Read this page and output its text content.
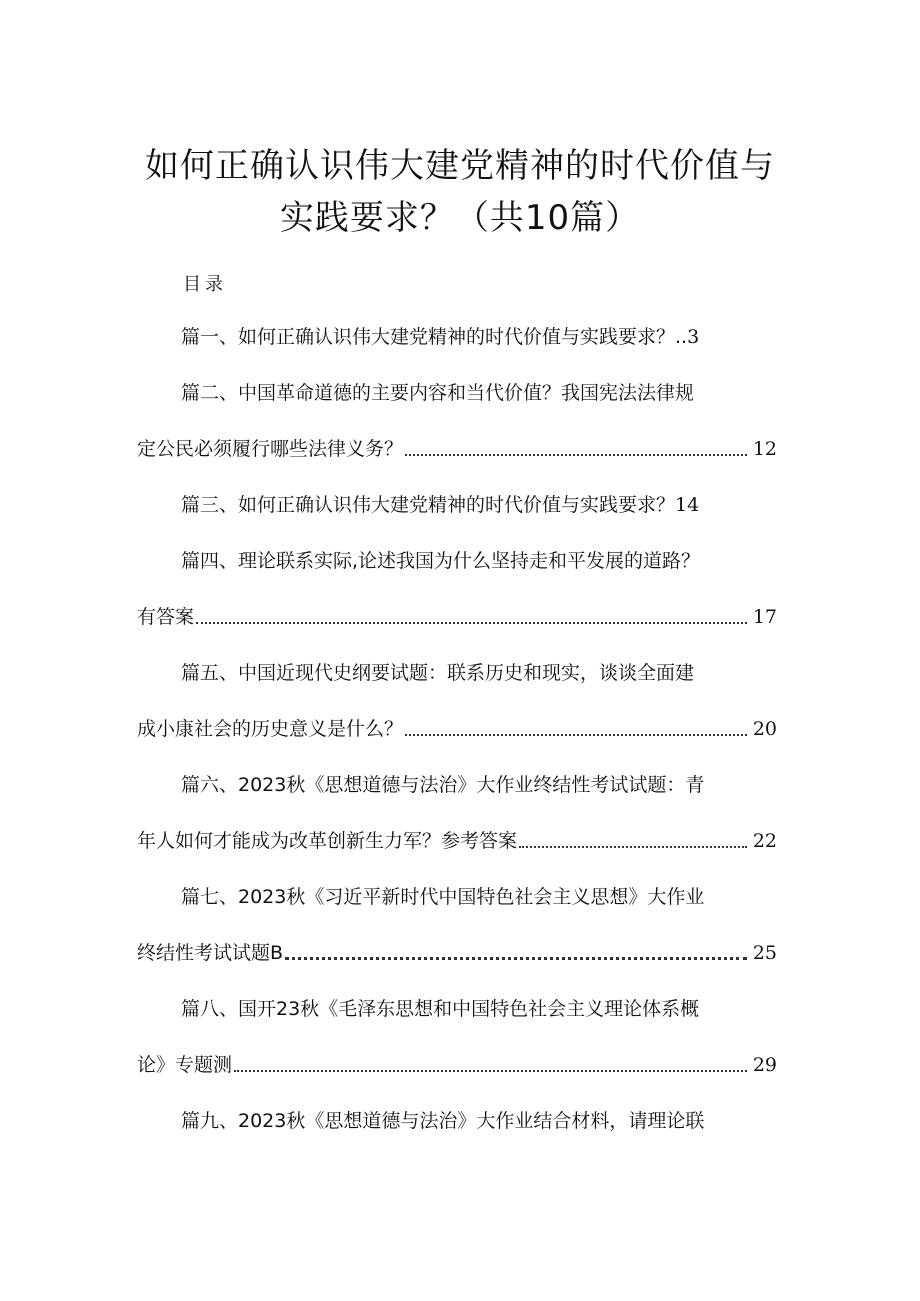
如何正确认识伟大建党精神的时代价值与
实践要求？（共10篇）
目录
篇一、如何正确认识伟大建党精神的时代价值与实践要求？..3
篇二、中国革命道德的主要内容和当代价值？我国宪法法律规
定公民必须履行哪些法律义务？	12
篇三、如何正确认识伟大建党精神的时代价值与实践要求？14
篇四、理论联系实际,论述我国为什么坚持走和平发展的道路？
有答案	17
篇五、中国近现代史纲要试题：联系历史和现实，谈谈全面建
成小康社会的历史意义是什么？	20
篇六、2023秋《思想道德与法治》大作业终结性考试试题：青
年人如何才能成为改革创新生力军？参考答案	22
篇七、2023秋《习近平新时代中国特色社会主义思想》大作业
终结性考试试题B	25
篇八、国开23秋《毛泽东思想和中国特色社会主义理论体系概
论》专题测	29
篇九、2023秋《思想道德与法治》大作业结合材料，请理论联
